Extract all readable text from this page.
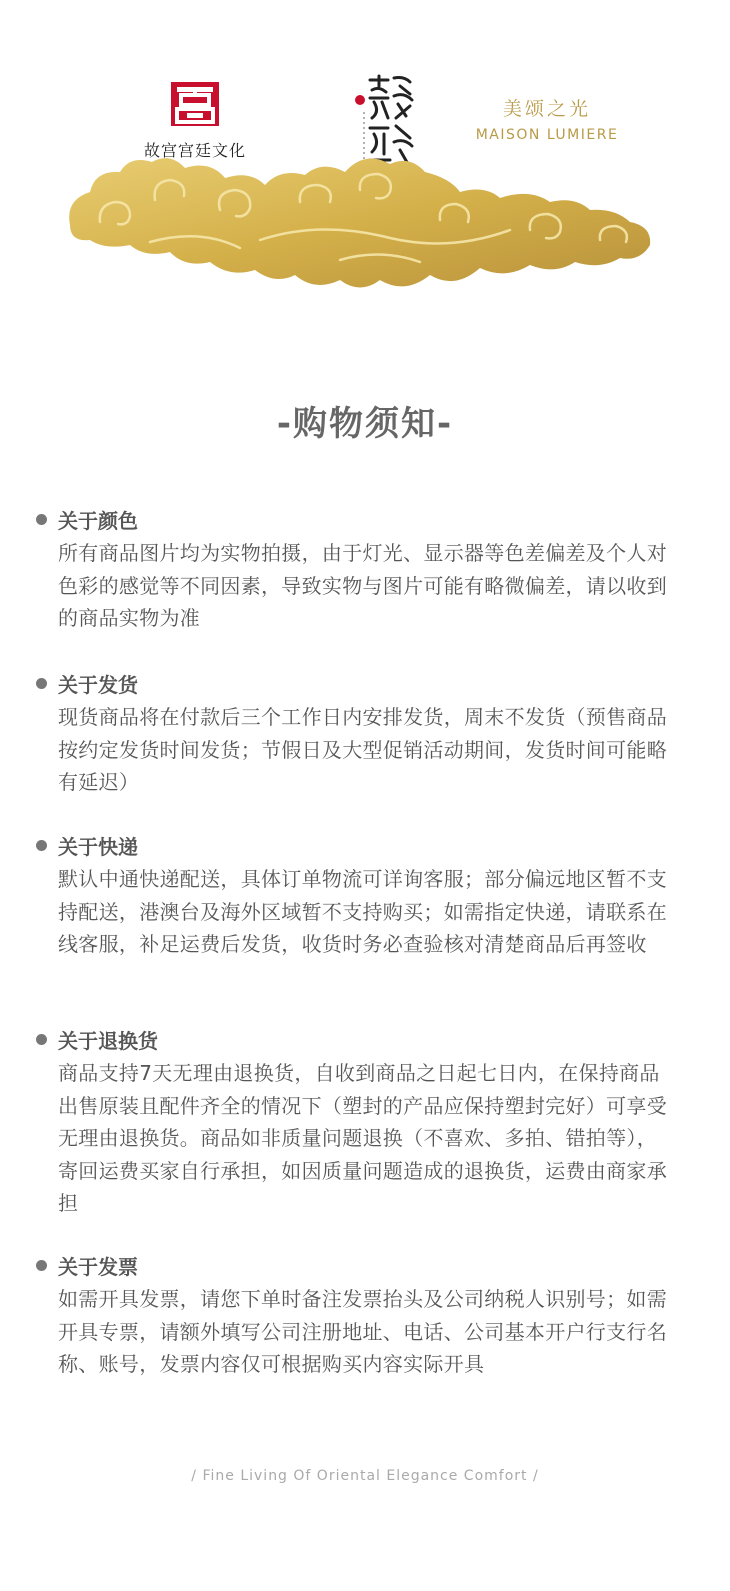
故宫宫廷文化
美颂之光
MAISON LUMIERE
-购物须知-
关于颜色
所有商品图片均为实物拍摄，由于灯光、显示器等色差偏差及个人对色彩的感觉等不同因素，导致实物与图片可能有略微偏差，请以收到的商品实物为准
关于发货
现货商品将在付款后三个工作日内安排发货，周末不发货（预售商品按约定发货时间发货；节假日及大型促销活动期间，发货时间可能略有延迟）
关于快递
默认中通快递配送，具体订单物流可详询客服；部分偏远地区暂不支持配送，港澳台及海外区域暂不支持购买；如需指定快递，请联系在线客服，补足运费后发货，收货时务必查验核对清楚商品后再签收
关于退换货
商品支持7天无理由退换货，自收到商品之日起七日内，在保持商品出售原装且配件齐全的情况下（塑封的产品应保持塑封完好）可享受无理由退换货。商品如非质量问题退换（不喜欢、多拍、错拍等），寄回运费买家自行承担，如因质量问题造成的退换货，运费由商家承担
关于发票
如需开具发票，请您下单时备注发票抬头及公司纳税人识别号；如需开具专票，请额外填写公司注册地址、电话、公司基本开户行支行名称、账号，发票内容仅可根据购买内容实际开具
/ Fine Living Of Oriental Elegance Comfort /
